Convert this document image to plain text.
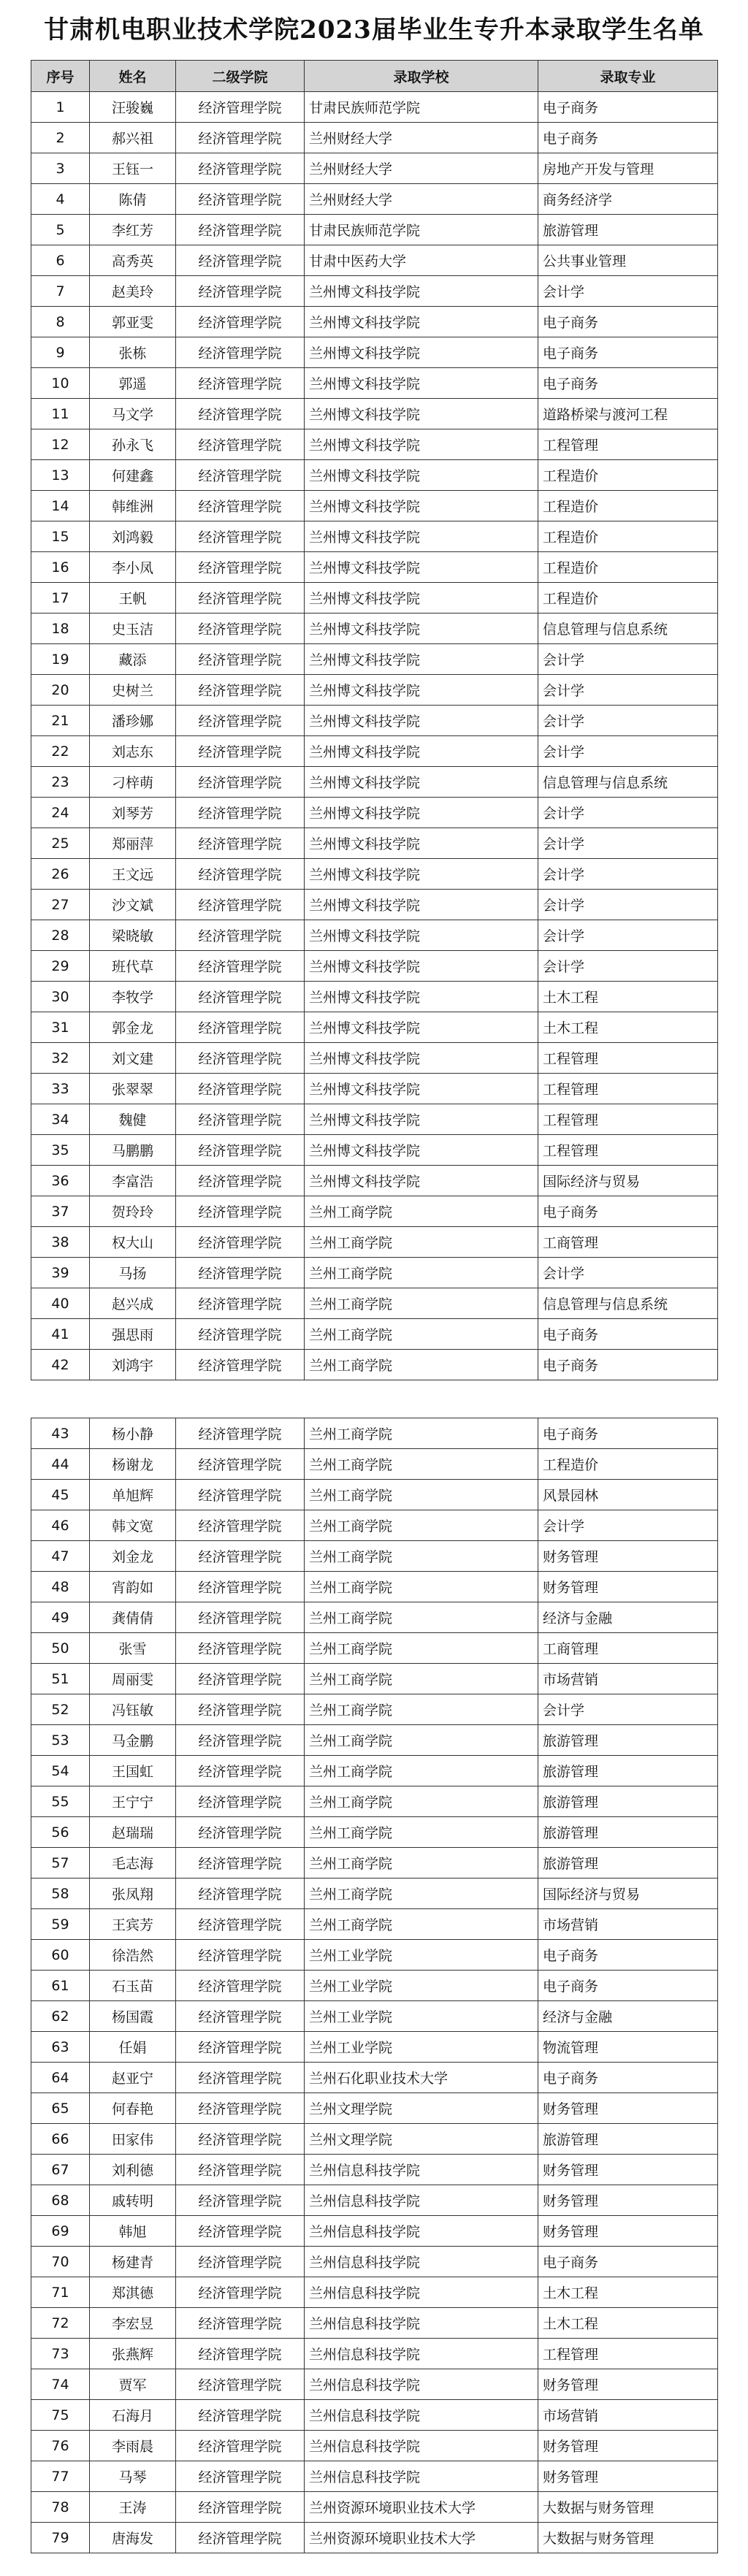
甘肃机电职业技术学院2023届毕业生专升本录取学生名单
序号	姓名	二级学院	录取学校	录取专业
1	汪骏巍	经济管理学院	甘肃民族师范学院	电子商务
2	郝兴祖	经济管理学院	兰州财经大学	电子商务
3	王钰一	经济管理学院	兰州财经大学	房地产开发与管理
4	陈倩	经济管理学院	兰州财经大学	商务经济学
5	李红芳	经济管理学院	甘肃民族师范学院	旅游管理
6	高秀英	经济管理学院	甘肃中医药大学	公共事业管理
7	赵美玲	经济管理学院	兰州博文科技学院	会计学
8	郭亚雯	经济管理学院	兰州博文科技学院	电子商务
9	张栋	经济管理学院	兰州博文科技学院	电子商务
10	郭遥	经济管理学院	兰州博文科技学院	电子商务
11	马文学	经济管理学院	兰州博文科技学院	道路桥梁与渡河工程
12	孙永飞	经济管理学院	兰州博文科技学院	工程管理
13	何建鑫	经济管理学院	兰州博文科技学院	工程造价
14	韩维洲	经济管理学院	兰州博文科技学院	工程造价
15	刘鸿毅	经济管理学院	兰州博文科技学院	工程造价
16	李小凤	经济管理学院	兰州博文科技学院	工程造价
17	王帆	经济管理学院	兰州博文科技学院	工程造价
18	史玉洁	经济管理学院	兰州博文科技学院	信息管理与信息系统
19	藏添	经济管理学院	兰州博文科技学院	会计学
20	史树兰	经济管理学院	兰州博文科技学院	会计学
21	潘珍娜	经济管理学院	兰州博文科技学院	会计学
22	刘志东	经济管理学院	兰州博文科技学院	会计学
23	刁梓萌	经济管理学院	兰州博文科技学院	信息管理与信息系统
24	刘琴芳	经济管理学院	兰州博文科技学院	会计学
25	郑丽萍	经济管理学院	兰州博文科技学院	会计学
26	王文远	经济管理学院	兰州博文科技学院	会计学
27	沙文斌	经济管理学院	兰州博文科技学院	会计学
28	梁晓敏	经济管理学院	兰州博文科技学院	会计学
29	班代草	经济管理学院	兰州博文科技学院	会计学
30	李牧学	经济管理学院	兰州博文科技学院	土木工程
31	郭金龙	经济管理学院	兰州博文科技学院	土木工程
32	刘文建	经济管理学院	兰州博文科技学院	工程管理
33	张翠翠	经济管理学院	兰州博文科技学院	工程管理
34	魏健	经济管理学院	兰州博文科技学院	工程管理
35	马鹏鹏	经济管理学院	兰州博文科技学院	工程管理
36	李富浩	经济管理学院	兰州博文科技学院	国际经济与贸易
37	贺玲玲	经济管理学院	兰州工商学院	电子商务
38	权大山	经济管理学院	兰州工商学院	工商管理
39	马扬	经济管理学院	兰州工商学院	会计学
40	赵兴成	经济管理学院	兰州工商学院	信息管理与信息系统
41	强思雨	经济管理学院	兰州工商学院	电子商务
42	刘鸿宇	经济管理学院	兰州工商学院	电子商务
43	杨小静	经济管理学院	兰州工商学院	电子商务
44	杨谢龙	经济管理学院	兰州工商学院	工程造价
45	单旭辉	经济管理学院	兰州工商学院	风景园林
46	韩文宽	经济管理学院	兰州工商学院	会计学
47	刘金龙	经济管理学院	兰州工商学院	财务管理
48	宵韵如	经济管理学院	兰州工商学院	财务管理
49	龚倩倩	经济管理学院	兰州工商学院	经济与金融
50	张雪	经济管理学院	兰州工商学院	工商管理
51	周丽雯	经济管理学院	兰州工商学院	市场营销
52	冯钰敏	经济管理学院	兰州工商学院	会计学
53	马金鹏	经济管理学院	兰州工商学院	旅游管理
54	王国虹	经济管理学院	兰州工商学院	旅游管理
55	王宁宁	经济管理学院	兰州工商学院	旅游管理
56	赵瑞瑞	经济管理学院	兰州工商学院	旅游管理
57	毛志海	经济管理学院	兰州工商学院	旅游管理
58	张凤翔	经济管理学院	兰州工商学院	国际经济与贸易
59	王宾芳	经济管理学院	兰州工商学院	市场营销
60	徐浩然	经济管理学院	兰州工业学院	电子商务
61	石玉苗	经济管理学院	兰州工业学院	电子商务
62	杨国霞	经济管理学院	兰州工业学院	经济与金融
63	任娟	经济管理学院	兰州工业学院	物流管理
64	赵亚宁	经济管理学院	兰州石化职业技术大学	电子商务
65	何春艳	经济管理学院	兰州文理学院	财务管理
66	田家伟	经济管理学院	兰州文理学院	旅游管理
67	刘利德	经济管理学院	兰州信息科技学院	财务管理
68	戚转明	经济管理学院	兰州信息科技学院	财务管理
69	韩旭	经济管理学院	兰州信息科技学院	财务管理
70	杨建青	经济管理学院	兰州信息科技学院	电子商务
71	郑淇德	经济管理学院	兰州信息科技学院	土木工程
72	李宏昱	经济管理学院	兰州信息科技学院	土木工程
73	张燕辉	经济管理学院	兰州信息科技学院	工程管理
74	贾军	经济管理学院	兰州信息科技学院	财务管理
75	石海月	经济管理学院	兰州信息科技学院	市场营销
76	李雨晨	经济管理学院	兰州信息科技学院	财务管理
77	马琴	经济管理学院	兰州信息科技学院	财务管理
78	王涛	经济管理学院	兰州资源环境职业技术大学	大数据与财务管理
79	唐海发	经济管理学院	兰州资源环境职业技术大学	大数据与财务管理
